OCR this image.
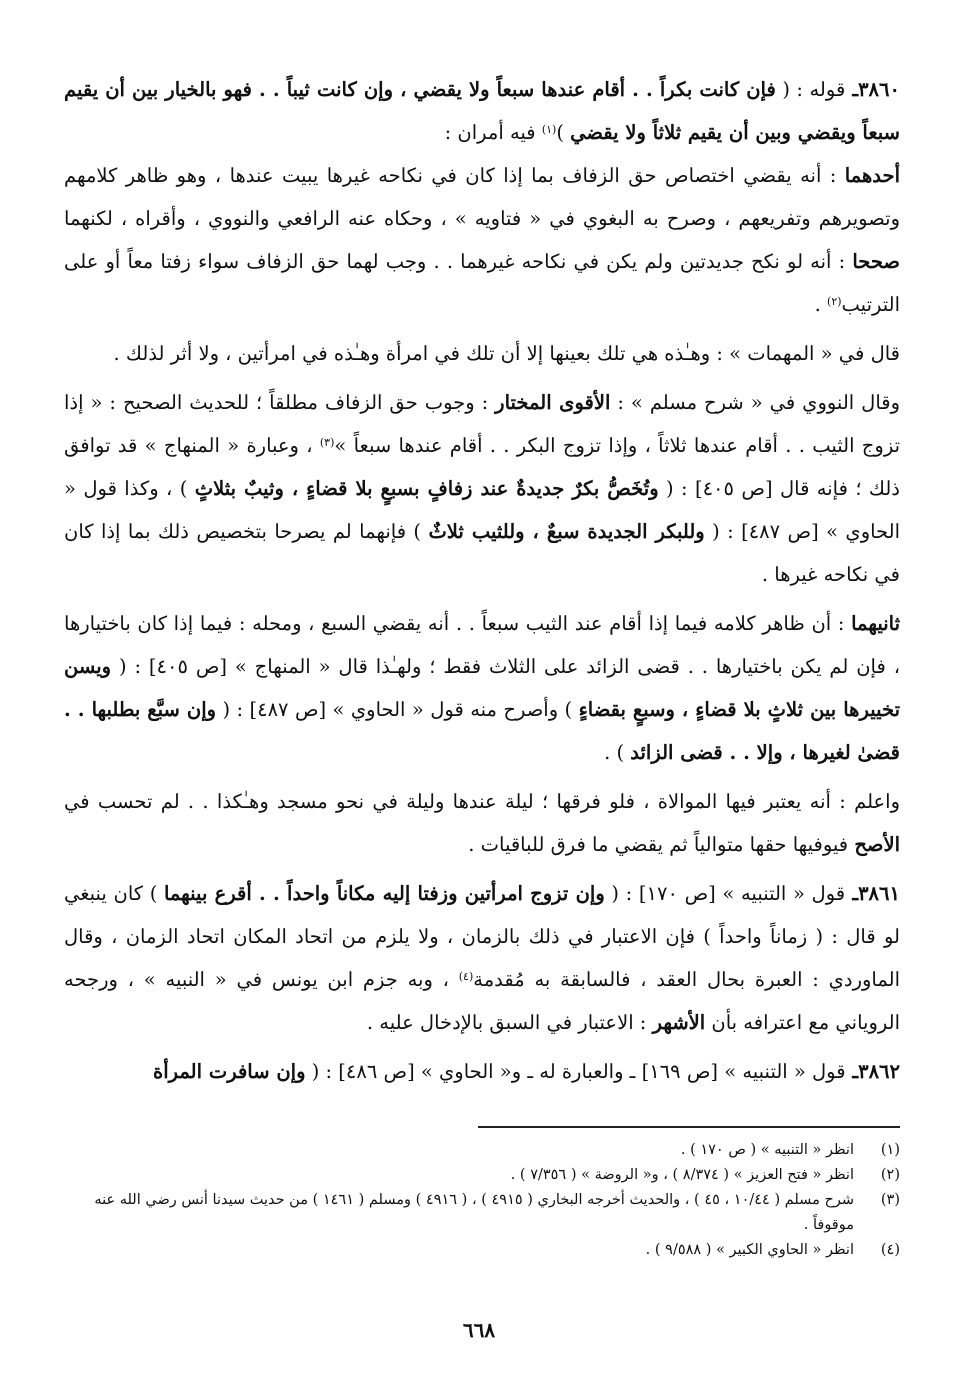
٣٨٦٠ـ قوله : ( فإن كانت بكراً . . أقام عندها سبعاً ولا يقضي ، وإن كانت ثيباً . . فهو بالخيار بين أن يقيم سبعاً ويقضي وبين أن يقيم ثلاثاً ولا يقضي )$^{(١)}$ فيه أمران :

أحدهما : أنه يقضي اختصاص حق الزفاف بما إذا كان في نكاحه غيرها يبيت عندها ، وهو ظاهر كلامهم وتصويرهم وتفريعهم ، وصرح به البغوي في « فتاويه » ، وحكاه عنه الرافعي والنووي ، وأقراه ، لكنهما صححا : أنه لو نكح جديدتين ولم يكن في نكاحه غيرهما . . وجب لهما حق الزفاف سواء زفتا معاً أو على الترتيب$^{(٢)}$ .

قال في « المهمات » : وهـٰذه هي تلك بعينها إلا أن تلك في امرأة وهـٰذه في امرأتين ، ولا أثر لذلك .

وقال النووي في « شرح مسلم » : الأقوى المختار : وجوب حق الزفاف مطلقاً ؛ للحديث الصحيح : « إذا تزوج الثيب . . أقام عندها ثلاثاً ، وإذا تزوج البكر . . أقام عندها سبعاً »$^{(٣)}$ ، وعبارة « المنهاج » قد توافق ذلك ؛ فإنه قال [ص ٤٠٥] : ( وتُخَصُّ بكرٌ جديدةٌ عند زفافٍ بسبعٍ بلا قضاءٍ ، وثيبٌ بثلاثٍ ) ، وكذا قول « الحاوي » [ص ٤٨٧] : ( وللبكر الجديدة سبعٌ ، وللثيب ثلاثٌ ) فإنهما لم يصرحا بتخصيص ذلك بما إذا كان في نكاحه غيرها .

ثانيهما : أن ظاهر كلامه فيما إذا أقام عند الثيب سبعاً . . أنه يقضي السبع ، ومحله : فيما إذا كان باختيارها ، فإن لم يكن باختيارها . . قضى الزائد على الثلاث فقط ؛ ولهـٰذا قال « المنهاج » [ص ٤٠٥] : ( ويسن تخييرها بين ثلاثٍ بلا قضاءٍ ، وسبعٍ بقضاءٍ ) وأصرح منه قول « الحاوي » [ص ٤٨٧] : ( وإن سبَّع بطلبها . . قضىٰ لغيرها ، وإلا . . قضى الزائد ) .

واعلم : أنه يعتبر فيها الموالاة ، فلو فرقها ؛ ليلة عندها وليلة في نحو مسجد وهـٰكذا . . لم تحسب في الأصح فيوفيها حقها متوالياً ثم يقضي ما فرق للباقيات .

٣٨٦١ـ قول « التنبيه » [ص ١٧٠] : ( وإن تزوج امرأتين وزفتا إليه مكاناً واحداً . . أقرع بينهما ) كان ينبغي لو قال : ( زماناً واحداً ) فإن الاعتبار في ذلك بالزمان ، ولا يلزم من اتحاد المكان اتحاد الزمان ، وقال الماوردي : العبرة بحال العقد ، فالسابقة به مُقدمة$^{(٤)}$ ، وبه جزم ابن يونس في « النبيه » ، ورجحه الروياني مع اعترافه بأن الأشهر : الاعتبار في السبق بالإدخال عليه .

٣٨٦٢ـ قول « التنبيه » [ص ١٦٩] ـ والعبارة له ـ و« الحاوي » [ص ٤٨٦] : ( وإن سافرت المرأة

(١)
انظر « التنبيه » ( ص ١٧٠ ) .
(٢)
انظر « فتح العزيز » ( ٨/٣٧٤ ) ، و« الروضة » ( ٧/٣٥٦ ) .
(٣)
شرح مسلم ( ١٠/٤٤ ، ٤٥ ) ، والحديث أخرجه البخاري ( ٤٩١٥ ) ، ( ٤٩١٦ ) ومسلم ( ١٤٦١ ) من حديث سيدنا أنس رضي الله عنه موقوفاً .
(٤)
انظر « الحاوي الكبير » ( ٩/٥٨٨ ) .
٦٦٨
